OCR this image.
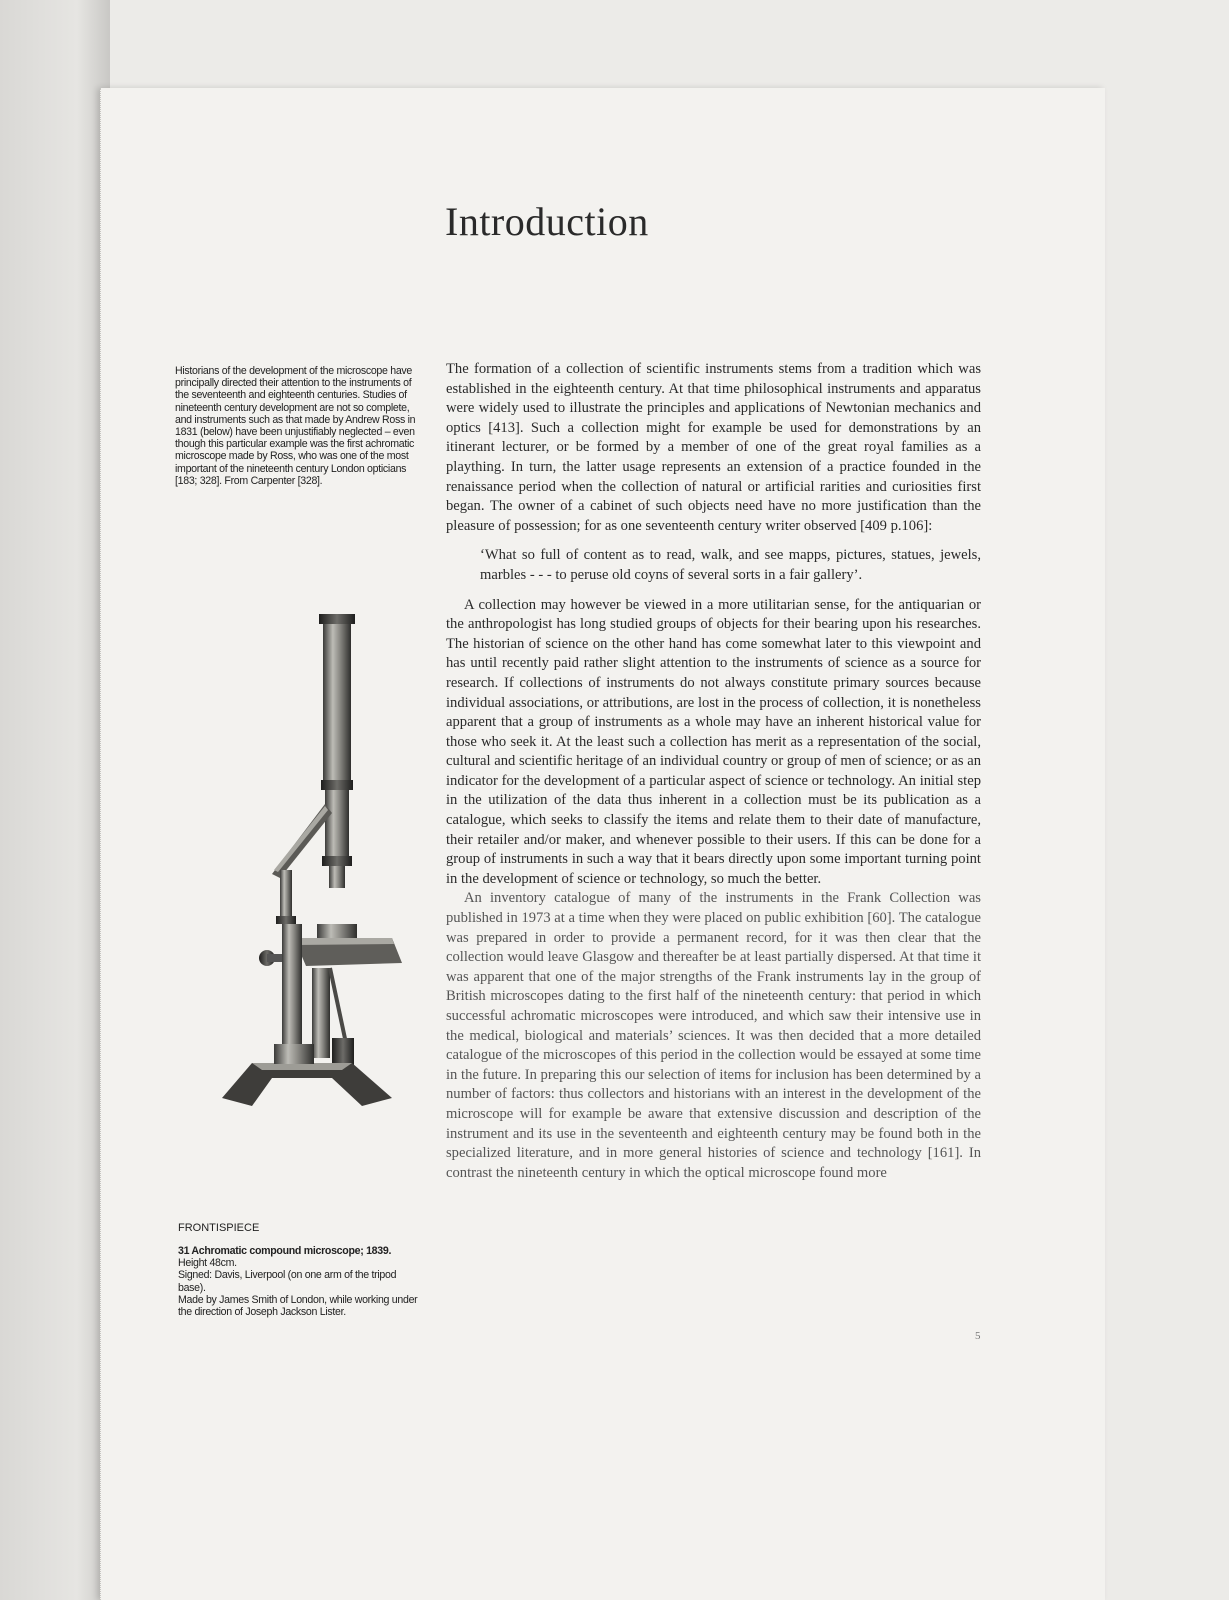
Introduction

Historians of the development of the microscope have principally directed their attention to the instruments of the seventeenth and eighteenth centuries. Studies of nineteenth century development are not so complete, and instruments such as that made by Andrew Ross in 1831 (below) have been unjustifiably neglected – even though this particular example was the first achromatic microscope made by Ross, who was one of the most important of the nineteenth century London opticians [183; 328]. From Carpenter [328].

FRONTISPIECE

31 Achromatic compound microscope; 1839.

Height 48cm.

Signed: Davis, Liverpool (on one arm of the tripod base).

Made by James Smith of London, while working under the direction of Joseph Jackson Lister.

The formation of a collection of scientific instruments stems from a tradition which was established in the eighteenth century. At that time philosophical instruments and apparatus were widely used to illustrate the principles and applications of Newtonian mechanics and optics [413]. Such a collection might for example be used for demonstrations by an itinerant lecturer, or be formed by a member of one of the great royal families as a plaything. In turn, the latter usage represents an extension of a practice founded in the renaissance period when the collection of natural or artificial rarities and curiosities first began. The owner of a cabinet of such objects need have no more justification than the pleasure of possession; for as one seventeenth century writer observed [409 p.106]:

‘What so full of content as to read, walk, and see mapps, pictures, statues, jewels, marbles - - - to peruse old coyns of several sorts in a fair gallery’.

A collection may however be viewed in a more utilitarian sense, for the antiquarian or the anthropologist has long studied groups of objects for their bearing upon his researches. The historian of science on the other hand has come somewhat later to this viewpoint and has until recently paid rather slight attention to the instruments of science as a source for research. If collections of instruments do not always constitute primary sources because individual associations, or attributions, are lost in the process of collection, it is nonetheless apparent that a group of instruments as a whole may have an inherent historical value for those who seek it. At the least such a collection has merit as a representation of the social, cultural and scientific heritage of an individual country or group of men of science; or as an indicator for the development of a particular aspect of science or technology. An initial step in the utilization of the data thus inherent in a collection must be its publication as a catalogue, which seeks to classify the items and relate them to their date of manufacture, their retailer and/or maker, and whenever possible to their users. If this can be done for a group of instruments in such a way that it bears directly upon some important turning point in the development of science or technology, so much the better.

An inventory catalogue of many of the instruments in the Frank Collection was published in 1973 at a time when they were placed on public exhibition [60]. The catalogue was prepared in order to provide a permanent record, for it was then clear that the collection would leave Glasgow and thereafter be at least partially dispersed. At that time it was apparent that one of the major strengths of the Frank instruments lay in the group of British microscopes dating to the first half of the nineteenth century: that period in which successful achromatic microscopes were introduced, and which saw their intensive use in the medical, biological and materials’ sciences. It was then decided that a more detailed catalogue of the microscopes of this period in the collection would be essayed at some time in the future. In preparing this our selection of items for inclusion has been determined by a number of factors: thus collectors and historians with an interest in the development of the microscope will for example be aware that extensive discussion and description of the instrument and its use in the seventeenth and eighteenth century may be found both in the specialized literature, and in more general histories of science and technology [161]. In contrast the nineteenth century in which the optical microscope found more

5
